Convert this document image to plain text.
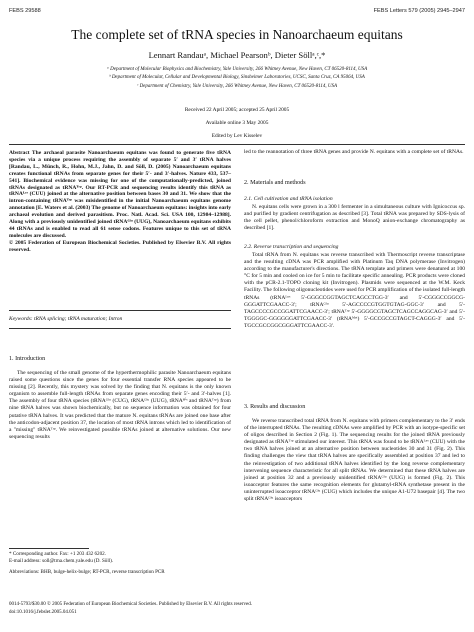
FEBS 29588	FEBS Letters 579 (2005) 2945–2947
The complete set of tRNA species in Nanoarchaeum equitans
Lennart Randauᵃ, Michael Pearsonᵇ, Dieter Söllᵃ,ᶜ,*
ᵃ Department of Molecular Biophysics and Biochemistry, Yale University, 266 Whitney Avenue, New Haven, CT 06520-8114, USA
ᵇ Department of Molecular, Cellular and Developmental Biology, Sinsheimer Laboratories, UCSC, Santa Cruz, CA 95064, USA
ᶜ Department of Chemistry, Yale University, 266 Whitney Avenue, New Haven, CT 06520-8114, USA
Received 22 April 2005; accepted 25 April 2005
Available online 3 May 2005
Edited by Lev Kisselev
Abstract The archaeal parasite Nanoarchaeum equitans was found to generate five tRNA species via a unique process requiring the assembly of separate 5′ and 3′ tRNA halves [Randau, L., Münch, R., Hohn, M.J., Jahn, D. and Söll, D. (2005) Nanoarchaeum equitans creates functional tRNAs from separate genes for their 5′- and 3′-halves. Nature 433, 537–541]. Biochemical evidence was missing for one of the computationally-predicted, joined tRNAs designated as tRNAᵀʳᵖ. Our RT-PCR and sequencing results identify this tRNA as tRNAᴸʸˢ (CUU) joined at the alternative position between bases 30 and 31. We show that the intron-containing tRNAᵀʳᵖ was misidentified in the initial Nanoarchaeum equitans genome annotation [E. Waters et al. (2003) The genome of Nanoarchaeum equitans: insights into early archaeal evolution and derived parasitism. Proc. Natl. Acad. Sci. USA 100, 12984–12988]. Along with a previously unidentified joined tRNAᴳˡᵘ (UUG), Nanoarchaeum equitans exhibits 44 tRNAs and is enabled to read all 61 sense codons. Features unique to this set of tRNA molecules are discussed.
© 2005 Federation of European Biochemical Societies. Published by Elsevier B.V. All rights reserved.
Keywords: tRNA splicing; tRNA maturation; Intron
1. Introduction
The sequencing of the small genome of the hyperthermophilic parasite Nanoarchaeum equitans raised some questions since the genes for four essential transfer RNA species appeared to be missing [2]. Recently, this mystery was solved by the finding that N. equitans is the only known organism to assemble full-length tRNAs from separate genes encoding their 5′- and 3′-halves [1]. The assembly of four tRNA species (tRNAᴳˡᵘ (CUG), tRNAᴳˡᵘ (UUG), tRNAᴴⁱˢ and tRNAᵀʳᵖ) from nine tRNA halves was shown biochemically, but no sequence information was obtained for four putative tRNA halves. It was predicted that the mature N. equitans tRNAs are joined one base after the anticodon-adjacent position 37, the location of most tRNA introns which led to identification of a "missing" tRNAᵀʳᵖ. We reinvestigated possible tRNAs joined at alternative solutions. Our new sequencing results
* Corresponding author. Fax: +1 203 432 6202.
E-mail address: soll@trna.chem.yale.edu (D. Söll).
Abbreviations: BHB, bulge-helix-bulge; RT-PCR, reverse transcription PCR
led to the reannotation of three tRNA genes and provide N. equitans with a complete set of tRNAs.
2. Materials and methods
2.1. Cell cultivation and tRNA isolation
N. equitans cells were grown in a 300 l fermenter in a simultaneous culture with Ignicoccus sp. and purified by gradient centrifugation as described [3]. Total tRNA was prepared by SDS-lysis of the cell pellet, phenol/chloroform extraction and MonoQ anion-exchange chromatography as described [1].
2.2. Reverse transcription and sequencing
Total tRNA from N. equitans was reverse transcribed with Thermoscript reverse transcriptase and the resulting cDNA was PCR amplified with Platinum Taq DNA polymerase (Invitrogen) according to the manufacturer's directions. The tRNA template and primers were denatured at 100 °C for 5 min and cooled on ice for 5 min to facilitate specific annealing. PCR products were cloned with the pCR-2.1-TOPO cloning kit (Invitrogen). Plasmids were sequenced at the W.M. Keck Facility. The following oligonucleotides were used for PCR amplification of the isolated full-length tRNAs (tRNAᴸʸˢ 5′-GGGCCGGTAGCTCAGCCTGG-3′ and 5′-CGGGCCGGCG-GGGATTCGAACC-3′; tRNAᴳˡᵘ 5′-AGCCCCGTGGTGTAG-GGC-3′ and 5′-TAGCCCCGCCGGATTCGAACC-3′; tRNAᵀʳᵖ 5′-GGGGCGTAGCTCAGCCAGGCAG-3′ and 5′-TGGGGC-GGGGGGATTCGAACC-3′ (tRNAᴹᵉᵗ) 5′-GCCGCCGTAGCT-CAGGG-3′ and 5′-TGCCGCCGGCGGGATTCGAACC-3′.
3. Results and discussion
We reverse transcribed total tRNA from N. equitans with primers complementary to the 3′ ends of the interrupted tRNAs. The resulting cDNAs were amplified by PCR with an isotype-specific set of oligos described in Section 2 (Fig. 1). The sequencing results for the joined tRNA previously designated as tRNAᵀʳᵖ stimulated our interest. This tRNA was found to be tRNAᴸʸˢ (CUU) with the two tRNA halves joined at an alternative position between nucleotides 30 and 31 (Fig. 2). This finding challenges the view that tRNA halves are specifically assembled at position 37 and led to the reinvestigation of two additional tRNA halves identified by the long reverse complementary intervening sequence characteristic for all split tRNAs. We determined that these tRNA halves are joined at position 32 and a previously unidentified tRNAᴳˡᵘ (UUG) is formed (Fig. 2). This isoacceptor features the same recognition elements for glutamyl-tRNA synthetase present in the uninterrupted isoacceptor tRNAᴳˡᵘ (CUG) which includes the unique A1-U72 basepair [4]. The two split tRNAᴳˡᵘ isoacceptors
0014-5793/$30.00 © 2005 Federation of European Biochemical Societies. Published by Elsevier B.V. All rights reserved.
doi:10.1016/j.febslet.2005.04.051
